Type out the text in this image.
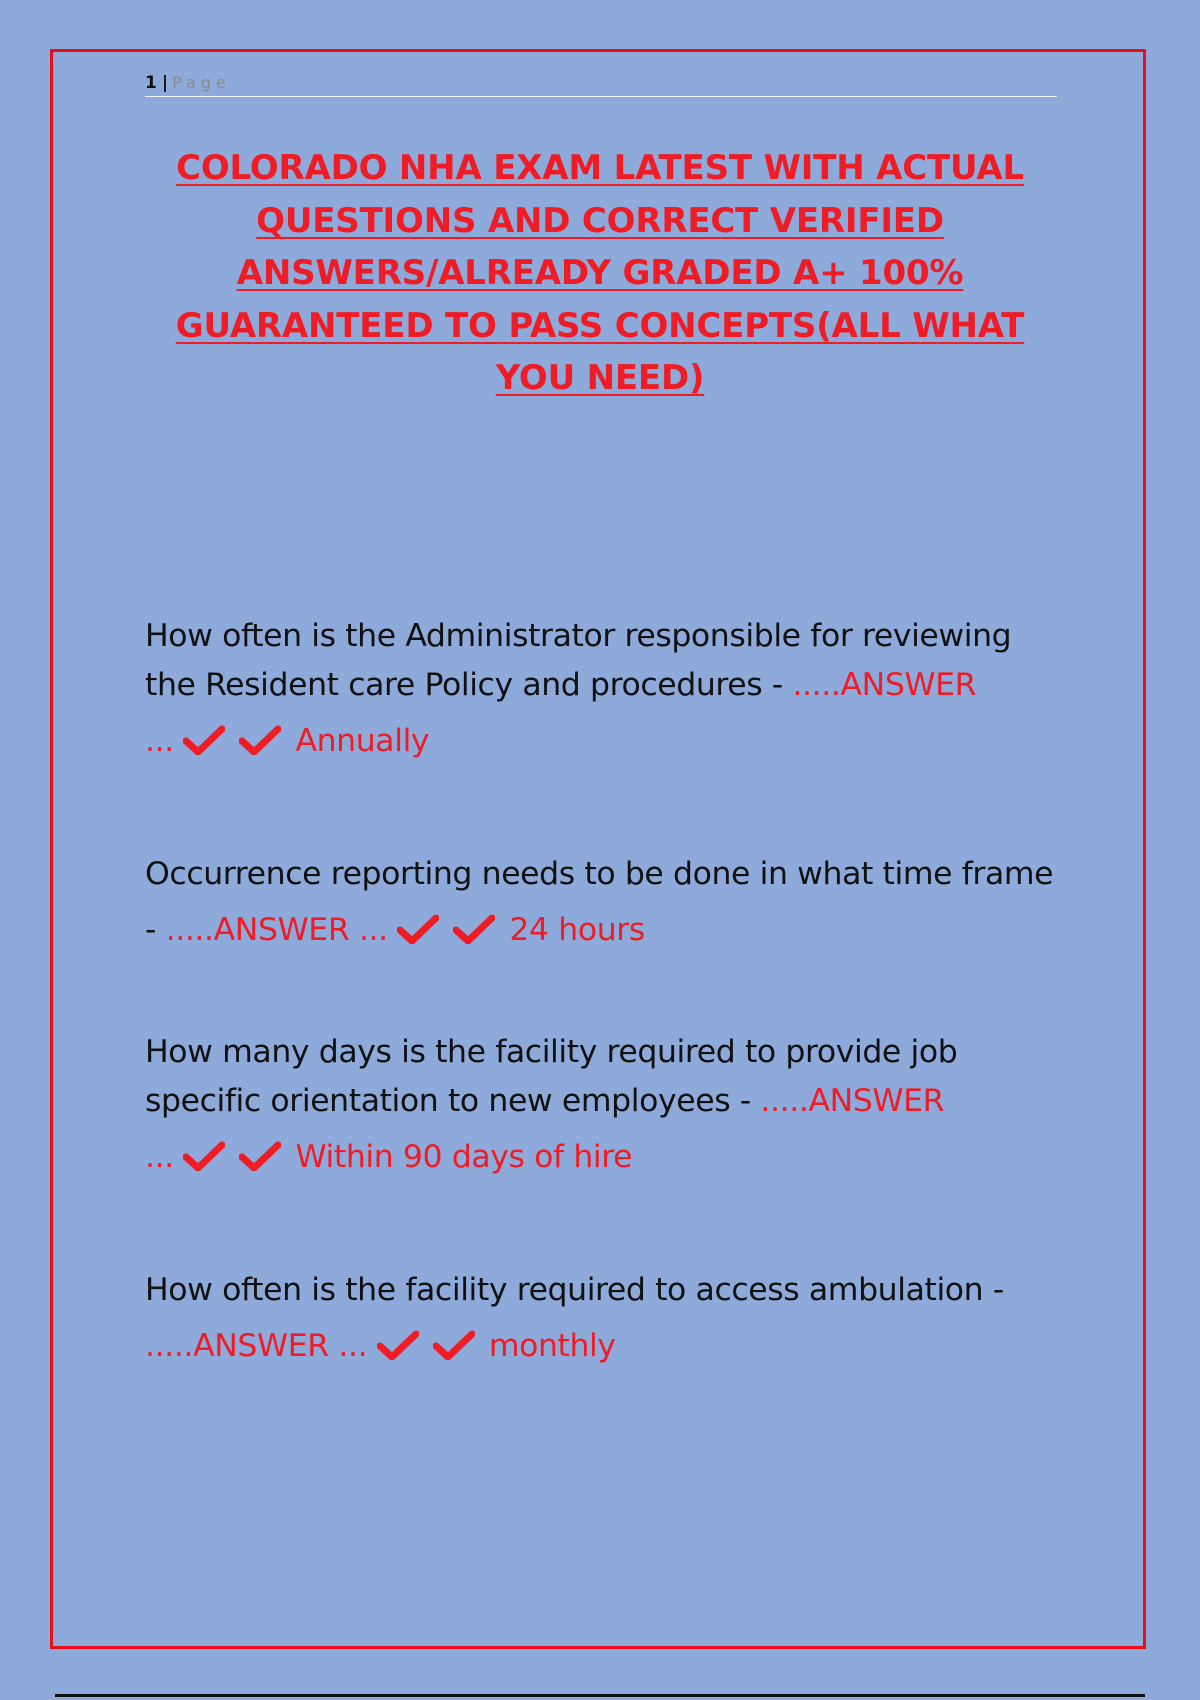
1 | Page
COLORADO NHA EXAM LATEST WITH ACTUAL QUESTIONS AND CORRECT VERIFIED ANSWERS/ALREADY GRADED A+ 100% GUARANTEED TO PASS CONCEPTS(ALL WHAT YOU NEED)
How often is the Administrator responsible for reviewing the Resident care Policy and procedures - .....ANSWER
...	Annually
Occurrence reporting needs to be done in what time frame - .....ANSWER ...	24 hours
How many days is the facility required to provide job specific orientation to new employees - .....ANSWER
...	Within 90 days of hire
How often is the facility required to access ambulation - .....ANSWER ...	monthly
